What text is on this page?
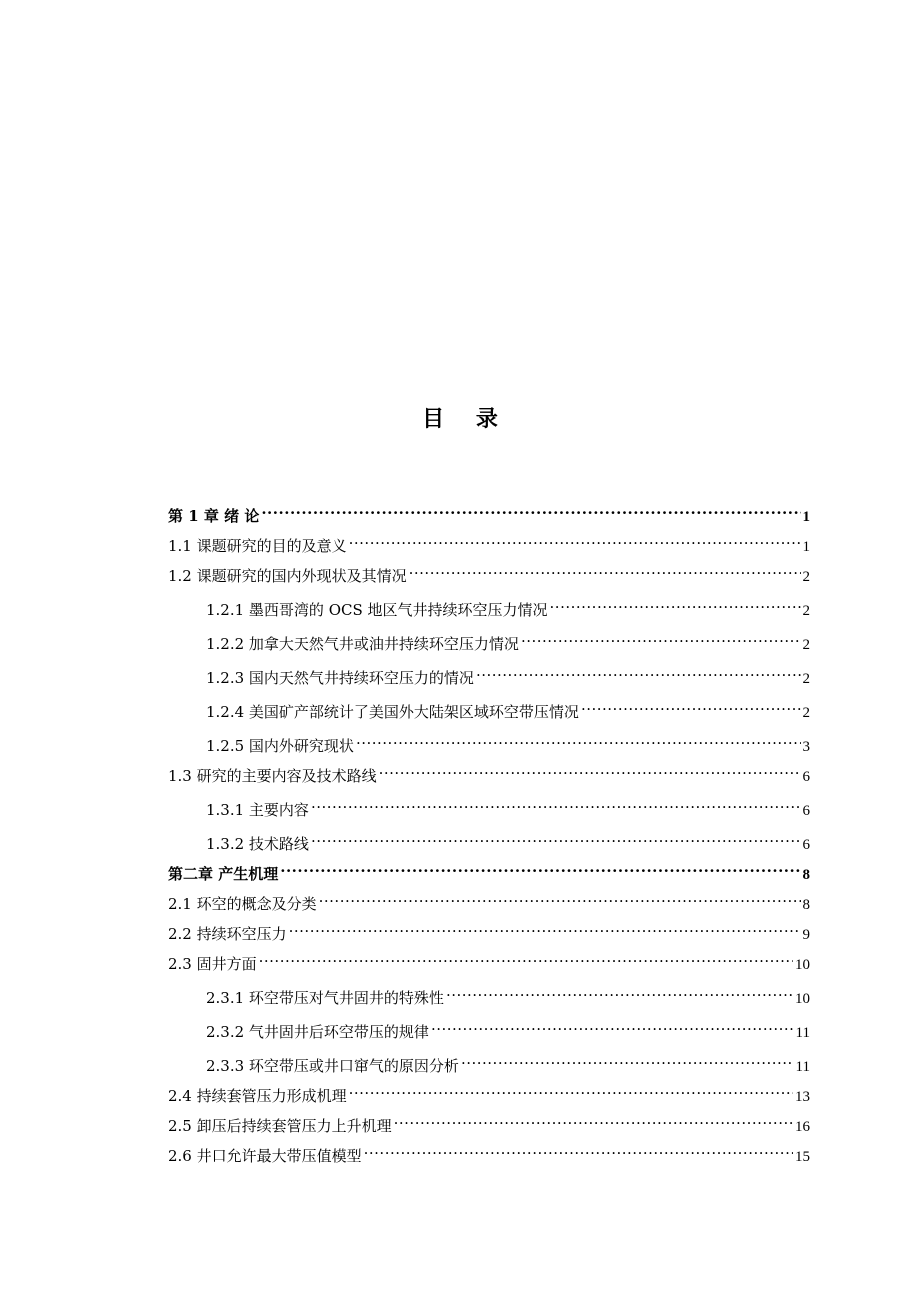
目 录
第 1 章 绪 论 .....	1
1.1 课题研究的目的及意义 .....	1
1.2 课题研究的国内外现状及其情况 .....	2
1.2.1 墨西哥湾的 OCS 地区气井持续环空压力情况 .....	2
1.2.2 加拿大天然气井或油井持续环空压力情况 .....	2
1.2.3 国内天然气井持续环空压力的情况 .....	2
1.2.4 美国矿产部统计了美国外大陆架区域环空带压情况 .....	2
1.2.5 国内外研究现状 .....	3
1.3 研究的主要内容及技术路线 .....	6
1.3.1 主要内容 .....	6
1.3.2 技术路线 .....	6
第二章 产生机理 .....	8
2.1 环空的概念及分类 .....	8
2.2 持续环空压力 .....	9
2.3 固井方面 .....	10
2.3.1 环空带压对气井固井的特殊性 .....	10
2.3.2 气井固井后环空带压的规律 .....	11
2.3.3 环空带压或井口窜气的原因分析 .....	11
2.4 持续套管压力形成机理 .....	13
2.5 卸压后持续套管压力上升机理 .....	16
2.6 井口允许最大带压值模型 .....	15
